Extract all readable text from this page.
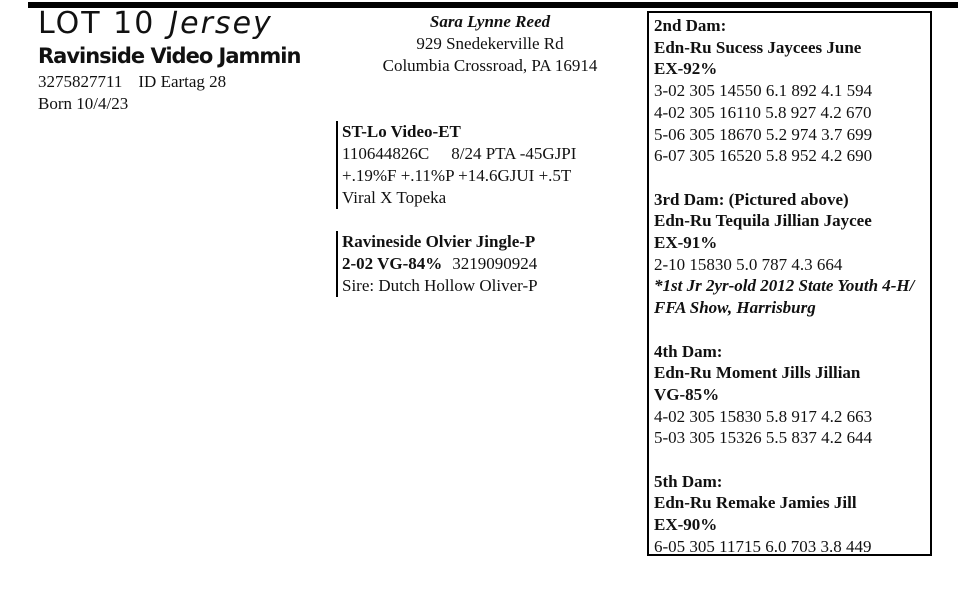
LOT 10 Jersey
Ravinside Video Jammin
3275827711 ID Eartag 28
Born 10/4/23
Sara Lynne Reed
929 Snedekerville Rd
Columbia Crossroad, PA 16914
ST-Lo Video-ET
110644826C 8/24 PTA -45GJPI
+.19%F +.11%P +14.6GJUI +.5T
Viral X Topeka
Ravineside Olvier Jingle-P
2-02 VG-84% 3219090924
Sire: Dutch Hollow Oliver-P
2nd Dam:
Edn-Ru Sucess Jaycees June
EX-92%
3-02 305 14550 6.1 892 4.1 594
4-02 305 16110 5.8 927 4.2 670
5-06 305 18670 5.2 974 3.7 699
6-07 305 16520 5.8 952 4.2 690
3rd Dam: (Pictured above)
Edn-Ru Tequila Jillian Jaycee
EX-91%
2-10 15830 5.0 787 4.3 664
*1st Jr 2yr-old 2012 State Youth 4-H/
FFA Show, Harrisburg
4th Dam:
Edn-Ru Moment Jills Jillian
VG-85%
4-02 305 15830 5.8 917 4.2 663
5-03 305 15326 5.5 837 4.2 644
5th Dam:
Edn-Ru Remake Jamies Jill
EX-90%
6-05 305 11715 6.0 703 3.8 449
